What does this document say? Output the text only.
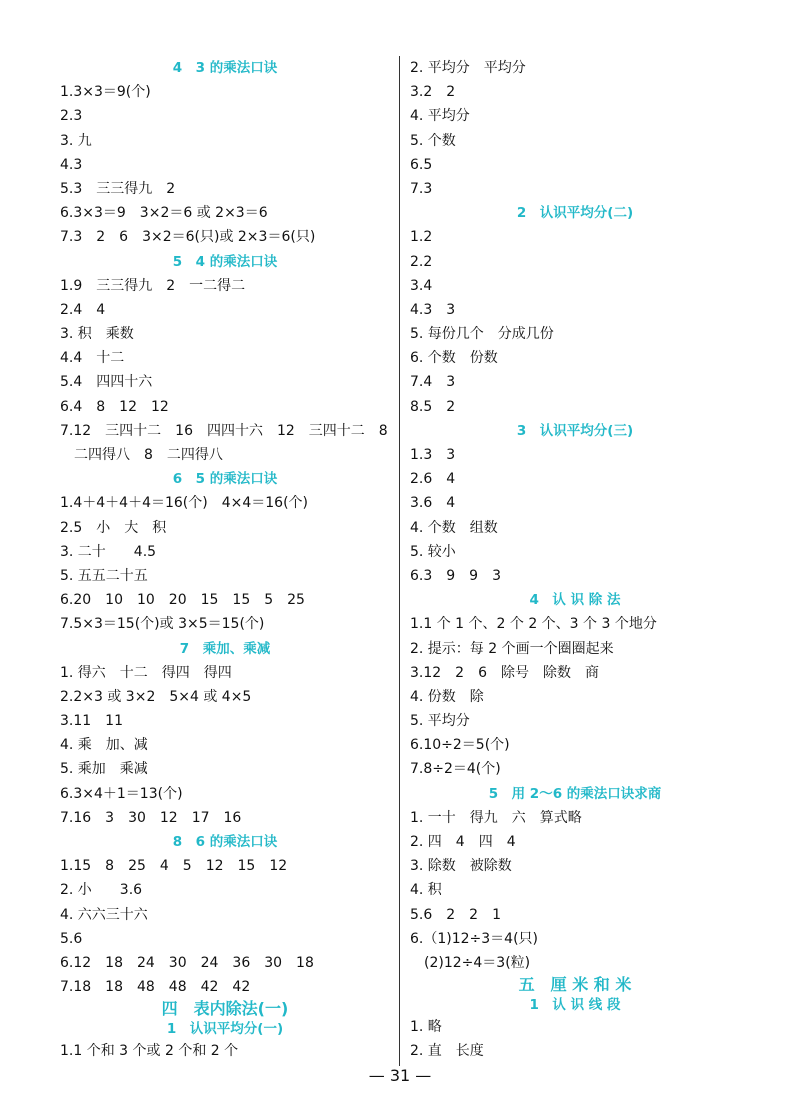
4　3 的乘法口诀
1.3×3＝9(个)
2.3
3. 九
4.3
5.3　三三得九　2
6.3×3＝9　3×2＝6 或 2×3＝6
7.3　2　6　3×2＝6(只)或 2×3＝6(只)
5　4 的乘法口诀
1.9　三三得九　2　一二得二
2.4　4
3. 积　乘数
4.4　十二
5.4　四四十六
6.4　8　12　12
7.12　三四十二　16　四四十六　12　三四十二　8
二四得八　8　二四得八
6　5 的乘法口诀
1.4＋4＋4＋4＝16(个)　4×4＝16(个)
2.5　小　大　积
3. 二十　　4.5
5. 五五二十五
6.20　10　10　20　15　15　5　25
7.5×3＝15(个)或 3×5＝15(个)
7　乘加、乘减
1. 得六　十二　得四　得四
2.2×3 或 3×2　5×4 或 4×5
3.11　11
4. 乘　加、减
5. 乘加　乘减
6.3×4＋1＝13(个)
7.16　3　30　12　17　16
8　6 的乘法口诀
1.15　8　25　4　5　12　15　12
2. 小　　3.6
4. 六六三十六
5.6
6.12　18　24　30　24　36　30　18
7.18　18　48　48　42　42
四　表内除法(一)
1　认识平均分(一)
1.1 个和 3 个或 2 个和 2 个
2. 平均分　平均分
3.2　2
4. 平均分
5. 个数
6.5
7.3
2　认识平均分(二)
1.2
2.2
3.4
4.3　3
5. 每份几个　分成几份
6. 个数　份数
7.4　3
8.5　2
3　认识平均分(三)
1.3　3
2.6　4
3.6　4
4. 个数　组数
5. 较小
6.3　9　9　3
4　认 识 除 法
1.1 个 1 个、2 个 2 个、3 个 3 个地分
2. 提示：每 2 个画一个圈圈起来
3.12　2　6　除号　除数　商
4. 份数　除
5. 平均分
6.10÷2＝5(个)
7.8÷2＝4(个)
5　用 2～6 的乘法口诀求商
1. 一十　得九　六　算式略
2. 四　4　四　4
3. 除数　被除数
4. 积
5.6　2　2　1
6.（1)12÷3＝4(只)
(2)12÷4＝3(粒)
五　厘 米 和 米
1　认 识 线 段
1. 略
2. 直　长度
— 31 —
